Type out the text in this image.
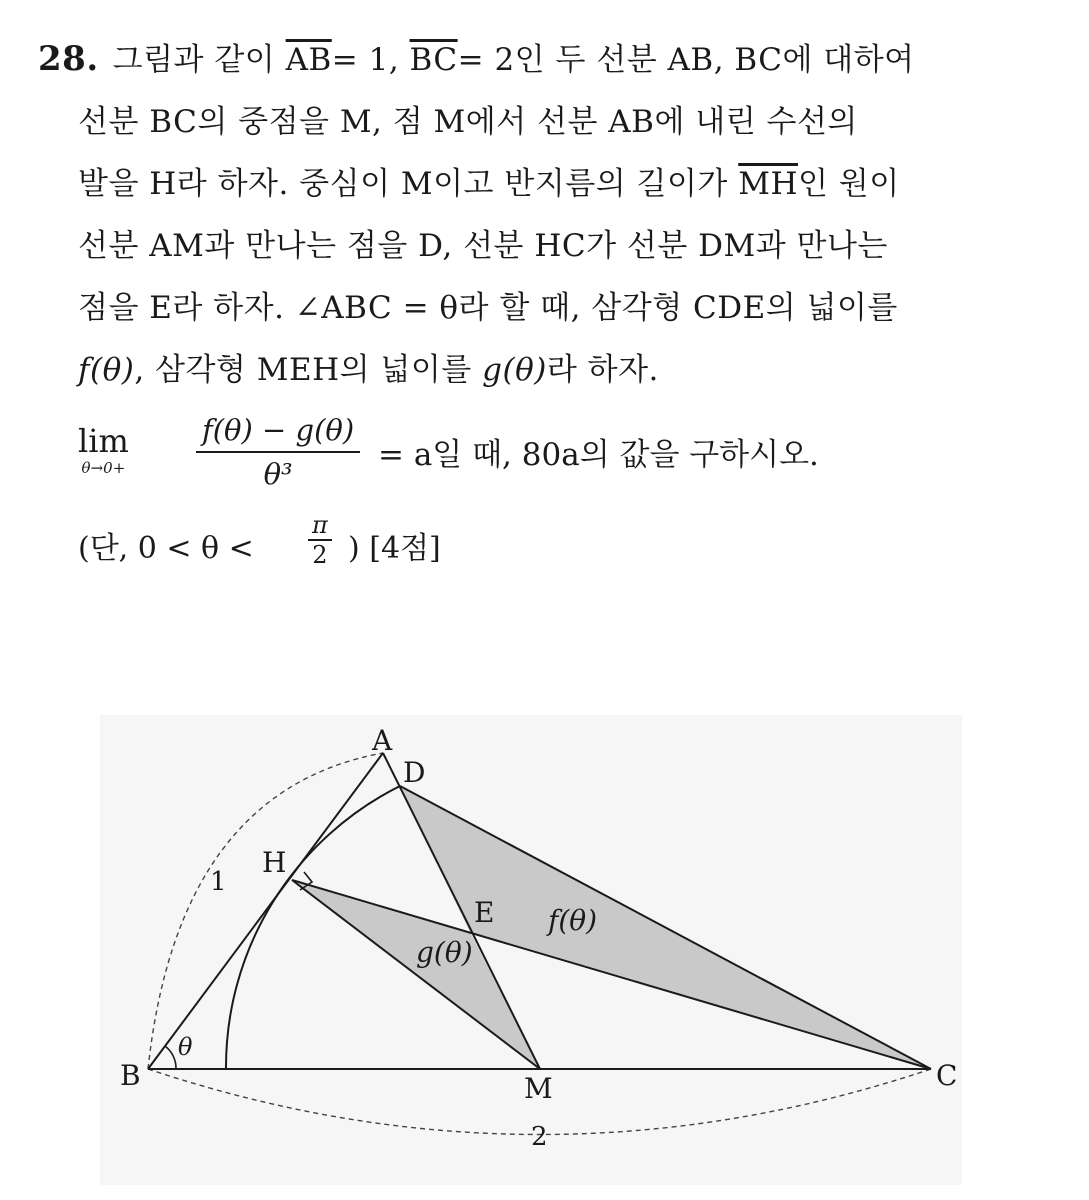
28. 그림과 같이 $\overline{AB}= 1$, $\overline{BC}= 2$인 두 선분 AB, BC에 대하여
선분 BC의 중점을 M, 점 M에서 선분 AB에 내린 수선의
발을 H라 하자. 중심이 M이고 반지름의 길이가 $\overline{MH}$인 원이
선분 AM과 만나는 점을 D, 선분 HC가 선분 DM과 만나는
점을 E라 하자. ∠ABC = θ라 할 때, 삼각형 CDE의 넓이를
f(θ), 삼각형 MEH의 넓이를 g(θ)라 하자.
lim
$\theta\to 0+ \frac{f(\theta) - g(\theta)}{\text{θ³}} = a$일 때, 80a의 값을 구하시오.
(단, 0 < θ <
π
2 ) [4점]
A
D
H
E
B	M	C
θ
1
2
f(θ)
g(θ)
